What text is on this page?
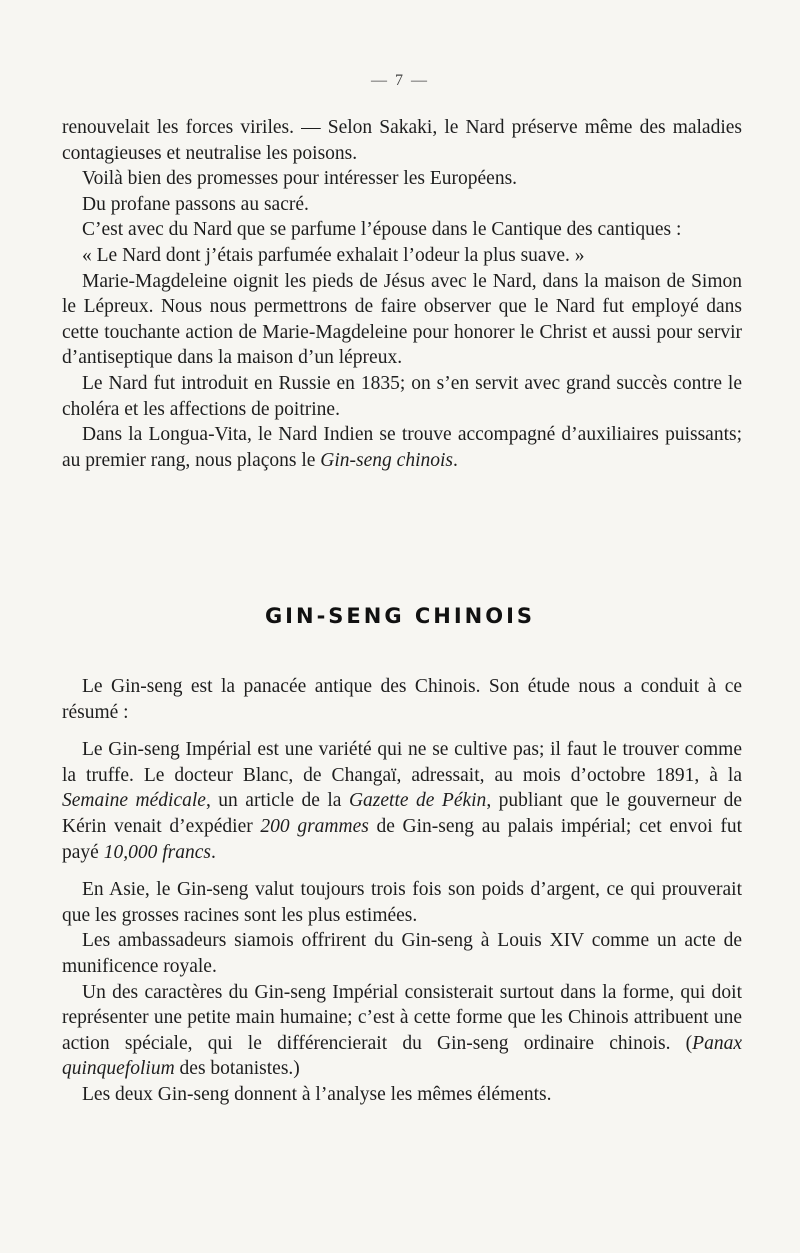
— 7 —

renouvelait les forces viriles. — Selon Sakaki, le Nard préserve même des maladies contagieuses et neutralise les poisons.

Voilà bien des promesses pour intéresser les Européens.

Du profane passons au sacré.

C’est avec du Nard que se parfume l’épouse dans le Cantique des cantiques :

« Le Nard dont j’étais parfumée exhalait l’odeur la plus suave. »

Marie-Magdeleine oignit les pieds de Jésus avec le Nard, dans la maison de Simon le Lépreux. Nous nous permettrons de faire observer que le Nard fut employé dans cette touchante action de Marie-Magdeleine pour honorer le Christ et aussi pour servir d’antiseptique dans la maison d’un lépreux.

Le Nard fut introduit en Russie en 1835; on s’en servit avec grand succès contre le choléra et les affections de poitrine.

Dans la Longua-Vita, le Nard Indien se trouve accompagné d’auxiliaires puissants; au premier rang, nous plaçons le Gin-seng chinois.

GIN-SENG CHINOIS

Le Gin-seng est la panacée antique des Chinois. Son étude nous a conduit à ce résumé :

Le Gin-seng Impérial est une variété qui ne se cultive pas; il faut le trouver comme la truffe. Le docteur Blanc, de Changaï, adressait, au mois d’octobre 1891, à la Semaine médicale, un article de la Gazette de Pékin, publiant que le gouverneur de Kérin venait d’expédier 200 grammes de Gin-seng au palais impérial; cet envoi fut payé 10,000 francs.

En Asie, le Gin-seng valut toujours trois fois son poids d’argent, ce qui prouverait que les grosses racines sont les plus estimées.

Les ambassadeurs siamois offrirent du Gin-seng à Louis XIV comme un acte de munificence royale.

Un des caractères du Gin-seng Impérial consisterait surtout dans la forme, qui doit représenter une petite main humaine; c’est à cette forme que les Chinois attribuent une action spéciale, qui le différencierait du Gin-seng ordinaire chinois. (Panax quinquefolium des botanistes.)

Les deux Gin-seng donnent à l’analyse les mêmes éléments.
